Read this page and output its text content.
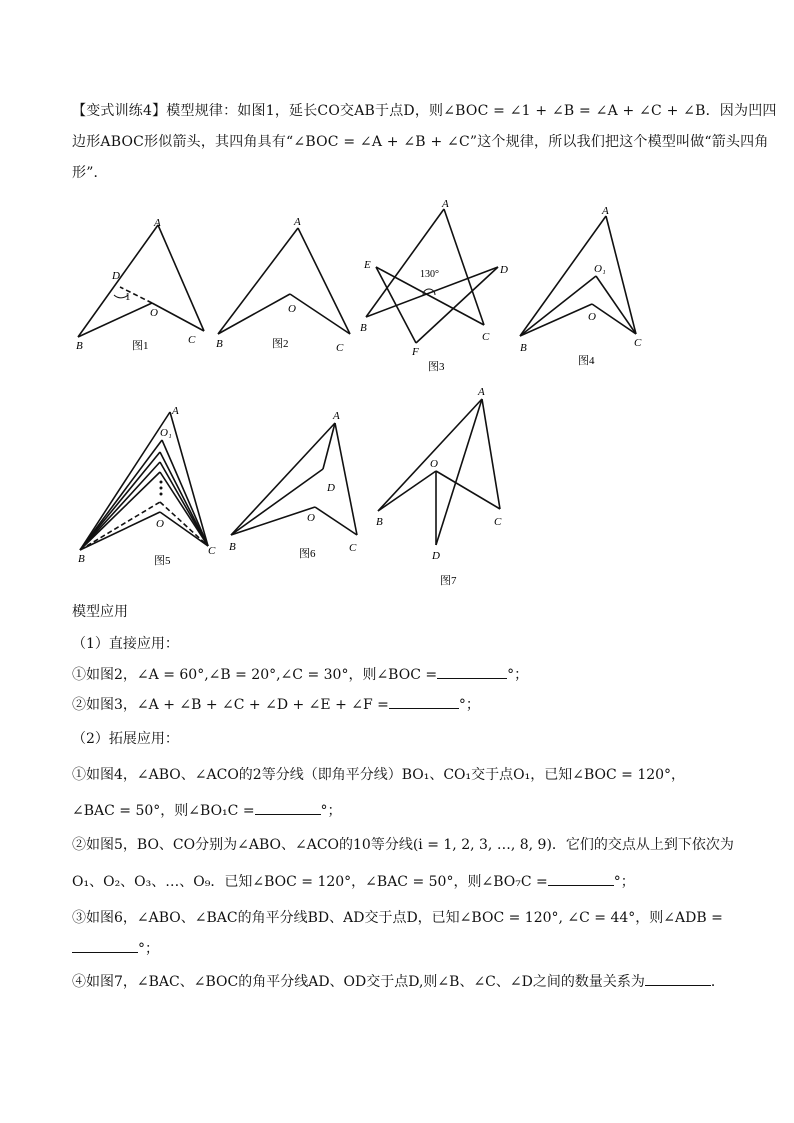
【变式训练4】模型规律：如图1，延长CO交AB于点D，则∠BOC = ∠1 + ∠B = ∠A + ∠C + ∠B．因为凹四
边形ABOC形似箭头，其四角具有“∠BOC = ∠A + ∠B + ∠C”这个规律，所以我们把这个模型叫做“箭头四角
形”．
A
D
1
O
B	C
图1
A
O
B	C
图2
A
E
130°	D
B
C
F
图3
A
O₁
O
B	C
图4
A
O₁
O
B
C
图5
A
D
O
B	C
图6
A
O
B	C
D
图7
模型应用
（1）直接应用：
①如图2，∠A = 60°,∠B = 20°,∠C = 30°，则∠BOC =	°；
②如图3，∠A + ∠B + ∠C + ∠D + ∠E + ∠F =	°；
（2）拓展应用：
①如图4，∠ABO、∠ACO的2等分线（即角平分线）BO₁、CO₁交于点O₁，已知∠BOC = 120°，
∠BAC = 50°，则∠BO₁C =	°；
②如图5，BO、CO分别为∠ABO、∠ACO的10等分线(i = 1, 2, 3, …, 8, 9)．它们的交点从上到下依次为
O₁、O₂、O₃、…、O₉．已知∠BOC = 120°，∠BAC = 50°，则∠BO₇C =	°；
③如图6，∠ABO、∠BAC的角平分线BD、AD交于点D，已知∠BOC = 120°, ∠C = 44°，则∠ADB =
°；
④如图7，∠BAC、∠BOC的角平分线AD、OD交于点D,则∠B、∠C、∠D之间的数量关系为	．
